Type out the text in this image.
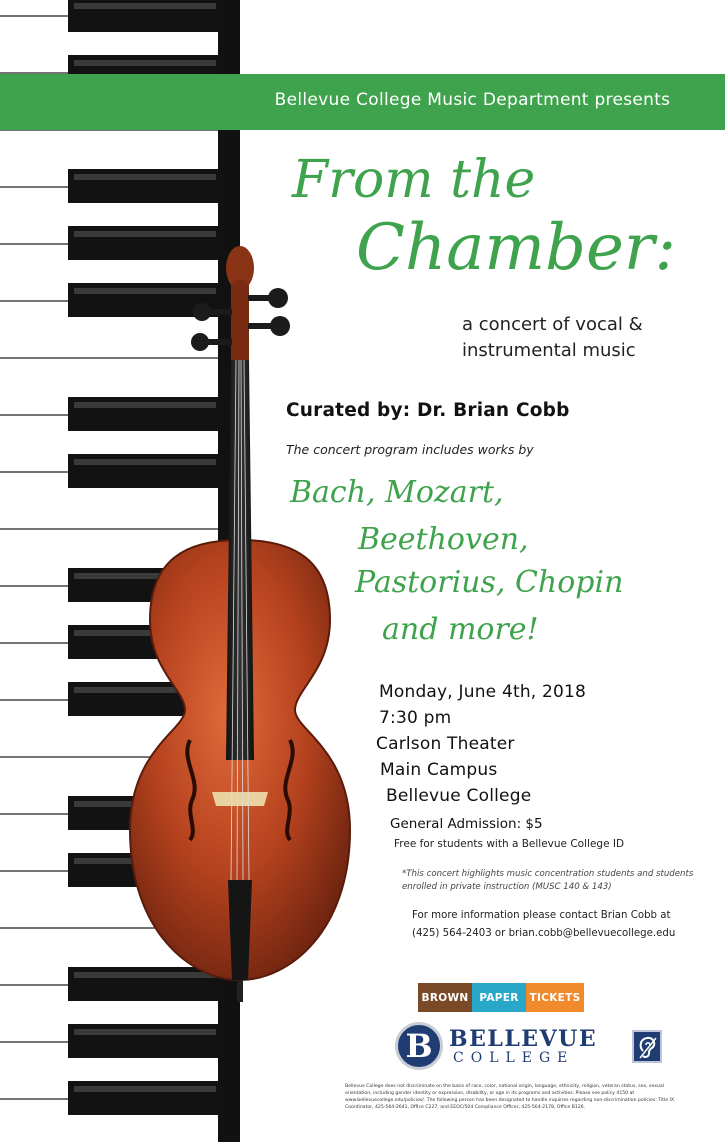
Bellevue College Music Department presents
From the
Chamber:
a concert of vocal &
instrumental music
Curated by: Dr. Brian Cobb
The concert program includes works by
Bach, Mozart,
Beethoven,
Pastorius, Chopin
and more!
Monday, June 4th, 2018
7:30 pm
Carlson Theater
Main Campus
Bellevue College
General Admission: $5
Free for students with a Bellevue College ID
*This concert highlights music concentration students and students
enrolled in private instruction (MUSC 140 & 143)
For more information please contact Brian Cobb at
(425) 564-2403 or brian.cobb@bellevuecollege.edu
BROWN	PAPER	TICKETS
B BELLEVUE
COLLEGE
Bellevue College does not discriminate on the basis of race, color, national origin, language, ethnicity, religion, veteran status, sex, sexual orientation, including gender identity or expression, disability, or age in its programs and activities. Please see policy 4150 at www.bellevuecollege.edu/policies/. The following person has been designated to handle inquiries regarding non-discrimination policies: Title IX Coordinator, 425-564-2641, Office C227, and EEOC/504 Compliance Officer, 425-564-2178, Office B126.
